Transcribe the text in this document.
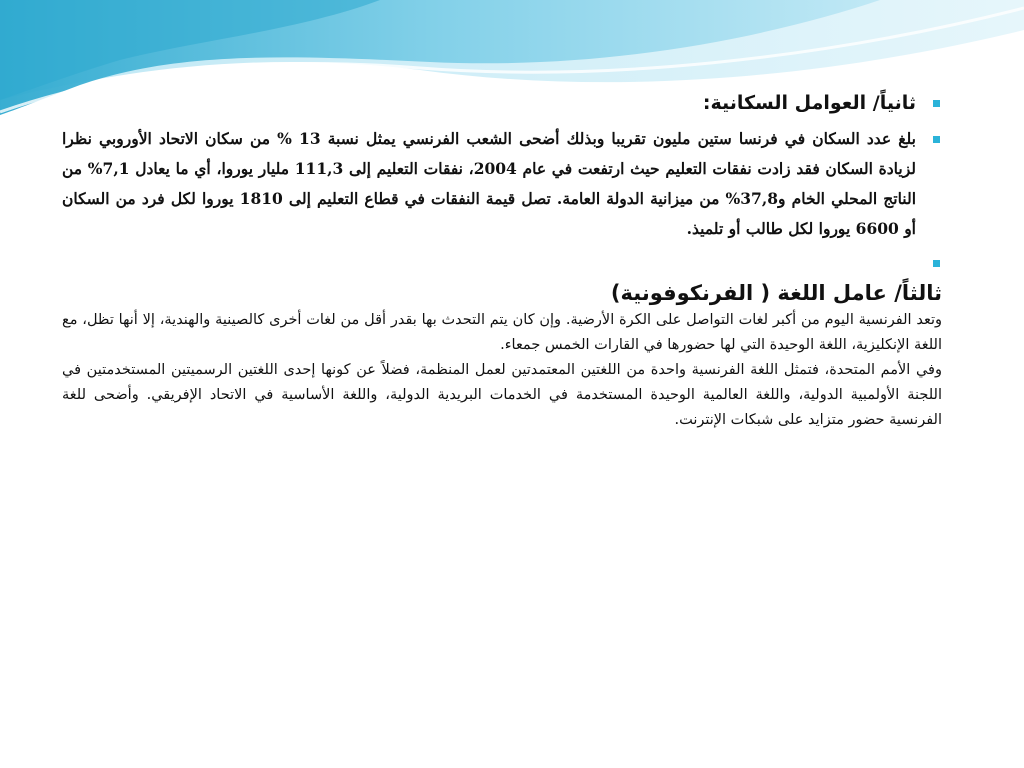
ثانياً/ العوامل السكانية:
بلغ عدد السكان في فرنسا ستين مليون تقريبا وبذلك أضحى الشعب الفرنسي يمثل نسبة 13 % من سكان الاتحاد الأوروبي نظرا لزيادة السكان فقد زادت نفقات التعليم حيث ارتفعت في عام 2004، نفقات التعليم إلى 111,3 مليار يوروا، أي ما يعادل 7,1% من الناتج المحلي الخام و37,8% من ميزانية الدولة العامة. تصل قيمة النفقات في قطاع التعليم إلى 1810 يوروا لكل فرد من السكان أو 6600 يوروا لكل طالب أو تلميذ.
ثالثاً/ عامل اللغة ( الفرنكوفونية)
وتعد الفرنسية اليوم من أكبر لغات التواصل على الكرة الأرضية. وإن كان يتم التحدث بها بقدر أقل من لغات أخرى كالصينية والهندية، إلا أنها تظل، مع اللغة الإنكليزية، اللغة الوحيدة التي لها حضورها في القارات الخمس جمعاء.
وفي الأمم المتحدة، فتمثل اللغة الفرنسية واحدة من اللغتين المعتمدتين لعمل المنظمة، فضلاً عن كونها إحدى اللغتين الرسميتين المستخدمتين في اللجنة الأولمبية الدولية، واللغة العالمية الوحيدة المستخدمة في الخدمات البريدية الدولية، واللغة الأساسية في الاتحاد الإفريقي. وأضحى للغة الفرنسية حضور متزايد على شبكات الإنترنت.
